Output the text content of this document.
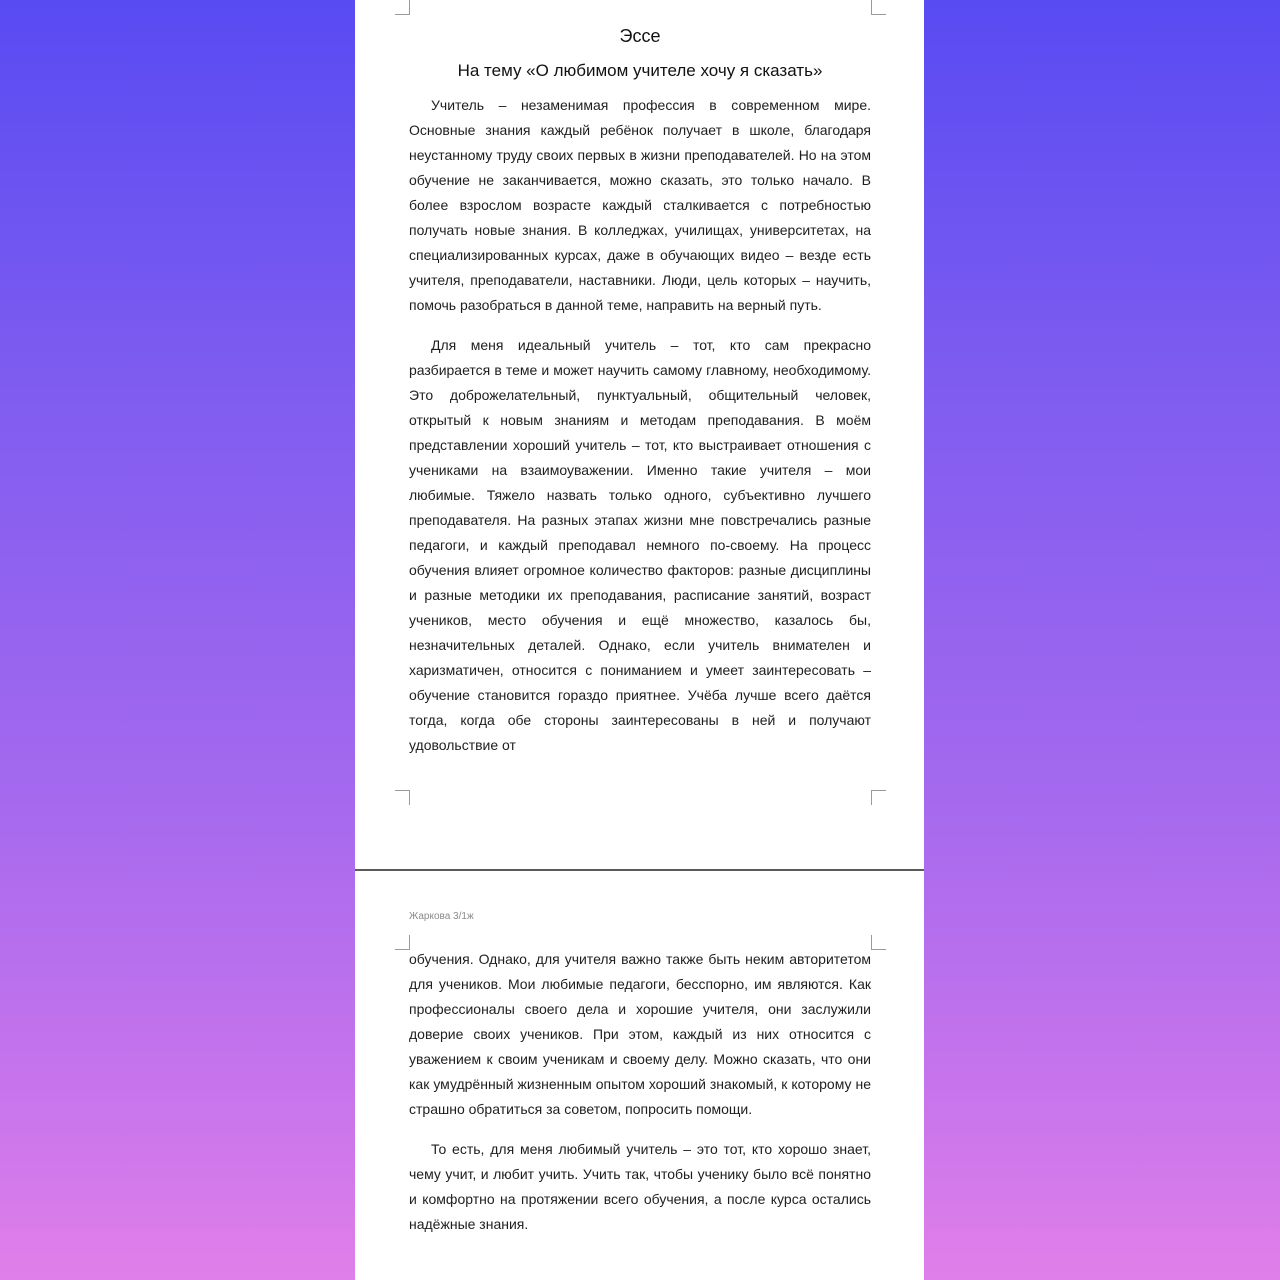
Эссе
На тему «О любимом учителе хочу я сказать»

Учитель – незаменимая профессия в современном мире. Основные знания каждый ребёнок получает в школе, благодаря неустанному труду своих первых в жизни преподавателей. Но на этом обучение не заканчивается, можно сказать, это только начало. В более взрослом возрасте каждый сталкивается с потребностью получать новые знания. В колледжах, училищах, университетах, на специализированных курсах, даже в обучающих видео – везде есть учителя, преподаватели, наставники. Люди, цель которых – научить, помочь разобраться в данной теме, направить на верный путь.

Для меня идеальный учитель – тот, кто сам прекрасно разбирается в теме и может научить самому главному, необходимому. Это доброжелательный, пунктуальный, общительный человек, открытый к новым знаниям и методам преподавания. В моём представлении хороший учитель – тот, кто выстраивает отношения с учениками на взаимоуважении. Именно такие учителя – мои любимые. Тяжело назвать только одного, субъективно лучшего преподавателя. На разных этапах жизни мне повстречались разные педагоги, и каждый преподавал немного по-своему. На процесс обучения влияет огромное количество факторов: разные дисциплины и разные методики их преподавания, расписание занятий, возраст учеников, место обучения и ещё множество, казалось бы, незначительных деталей. Однако, если учитель внимателен и харизматичен, относится с пониманием и умеет заинтересовать – обучение становится гораздо приятнее. Учёба лучше всего даётся тогда, когда обе стороны заинтересованы в ней и получают удовольствие от

Жаркова 3/1ж

обучения. Однако, для учителя важно также быть неким авторитетом для учеников. Мои любимые педагоги, бесспорно, им являются. Как профессионалы своего дела и хорошие учителя, они заслужили доверие своих учеников. При этом, каждый из них относится с уважением к своим ученикам и своему делу. Можно сказать, что они как умудрённый жизненным опытом хороший знакомый, к которому не страшно обратиться за советом, попросить помощи.

То есть, для меня любимый учитель – это тот, кто хорошо знает, чему учит, и любит учить. Учить так, чтобы ученику было всё понятно и комфортно на протяжении всего обучения, а после курса остались надёжные знания.
